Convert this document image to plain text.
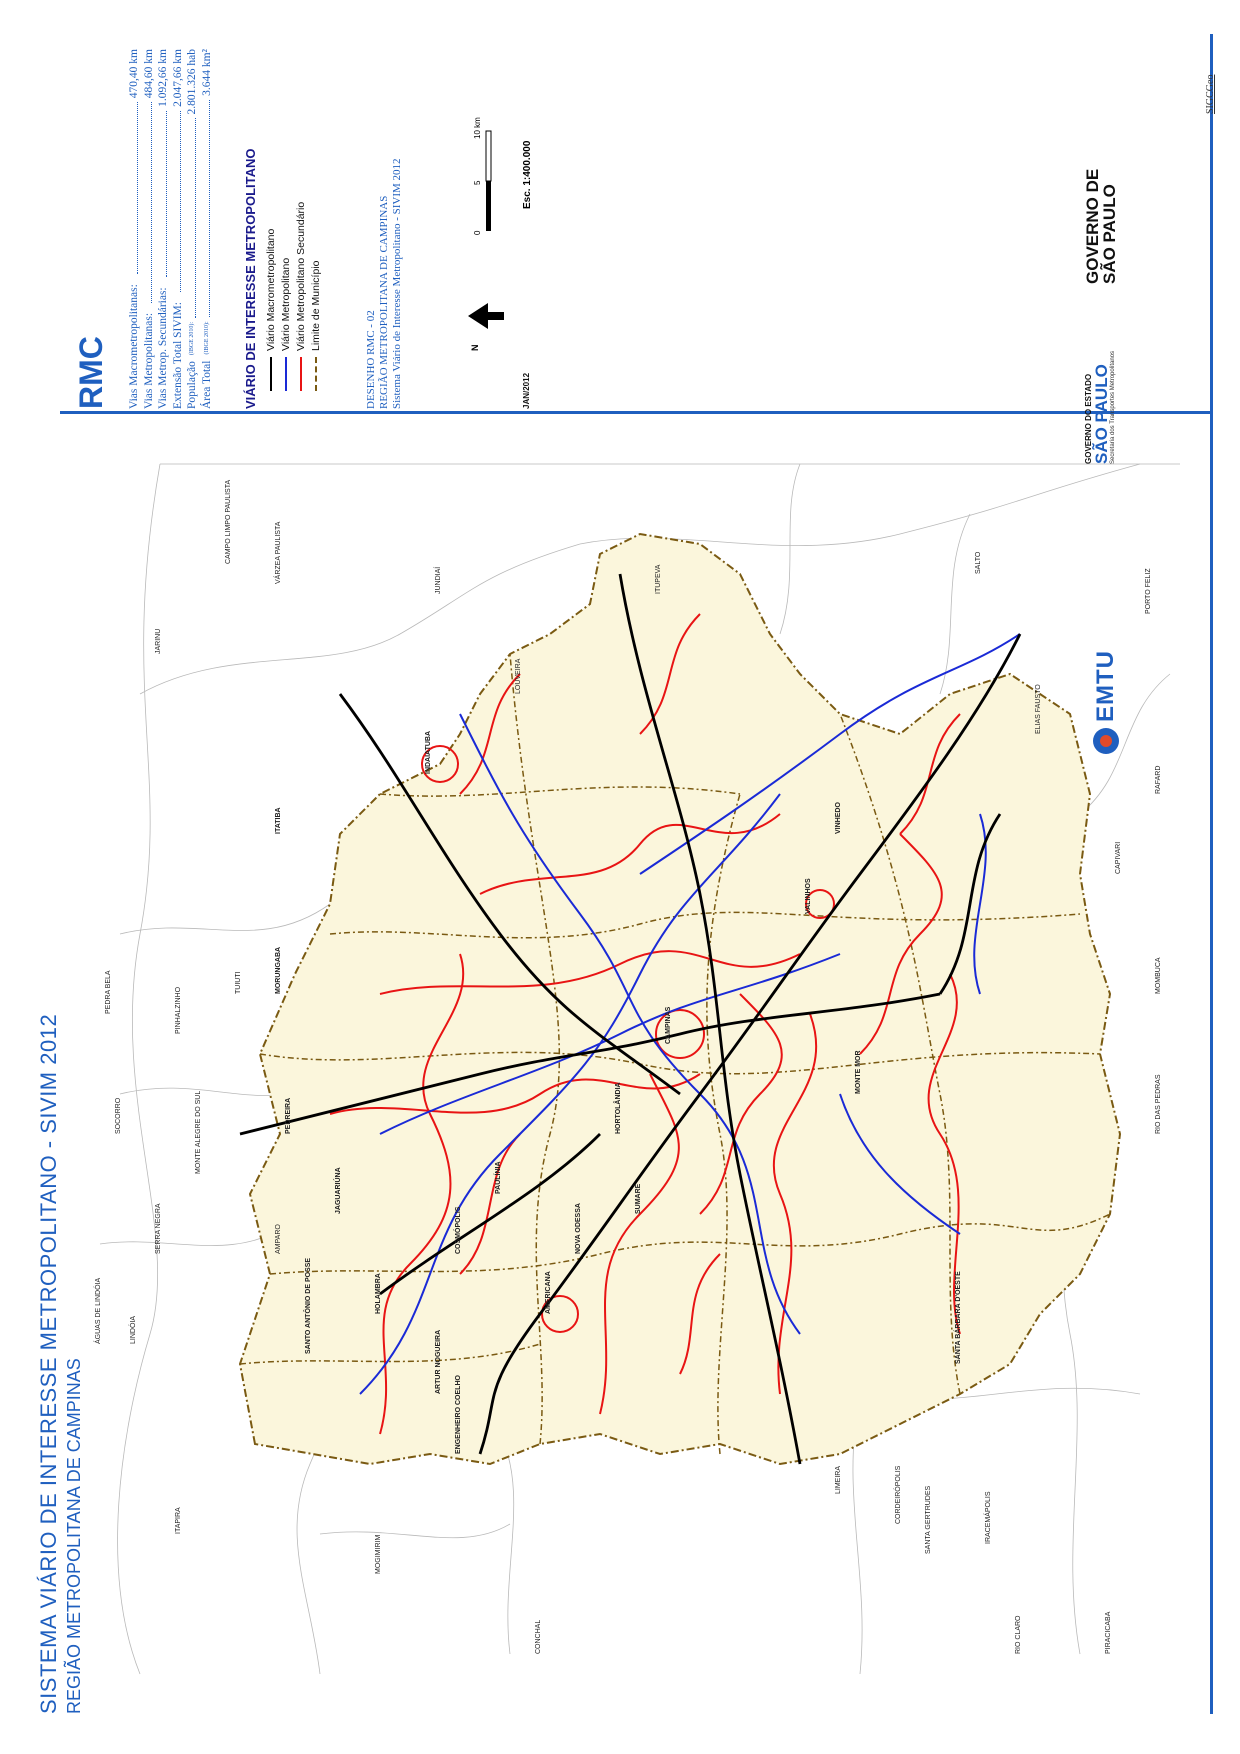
SISTEMA VIÁRIO DE INTERESSE METROPOLITANO - SIVIM 2012 REGIÃO METROPOLITANA DE CAMPINAS	RIO CLARO	PIRACICABA
SANTA GERTRUDES	IRACEMÁPOLIS
CORDEIRÓPOLIS
LIMEIRA
CONCHAL
MOGIMIRIM
ITAPIRA
ÁGUAS DE LINDÓIA	LINDÓIA
SERRA NEGRA
SOCORRO
PEDRA BELA	PINHALZINHO
MONTE ALEGRE DO SUL
TUIUTI
AMPARO
JUNDIAÍ
LOUVEIRA
VÁRZEA PAULISTA
CAMPO LIMPO PAULISTA
JARINU
ITUPEVA
SALTO
ELIAS FAUSTO
CAPIVARI
RAFARD
MOMBUCA
RIO DAS PEDRAS
PORTO FELIZ
CAMPINAS
VALINHOS
VINHEDO
INDAIATUBA
HORTOLÂNDIA
SUMARÉ
MONTE MOR
SANTA BÁRBARA D'OESTE
AMERICANA
NOVA ODESSA
PAULÍNIA
COSMÓPOLIS
ARTUR NOGUEIRA
ENGENHEIRO COELHO
HOLAMBRA
JAGUARIÚNA
SANTO ANTÔNIO DE POSSE
PEDREIRA
ITATIBA
MORUNGABA
RMC Vias Macrometropolitanas:
470,40 km
Vias Metropolitanas:
484,60 km
Vias Metrop. Secundárias:
1.092,66 km
Extensão Total SIVIM:
2.047,66 km
População
(IBGE 2010):
2.801.326 hab
Área Total
(IBGE 2010):
3.644 km²
VIÁRIO DE INTERESSE METROPOLITANO Viário Macrometropolitano Viário Metropolitano Viário Metropolitano Secundário Limite de Município
DESENHO RMC - 02 REGIÃO METROPOLITANA DE CAMPINAS Sistema Viário de Interesse Metropolitano - SIVIM 2012	N
JAN/2012
0
5
10 km
Esc. 1:400.000
EMTU
GOVERNO DO ESTADO SÃO PAULO Secretaria dos Transportes Metropolitanos
GOVERNO DE
SÃO PAULO
SIGCGeo
